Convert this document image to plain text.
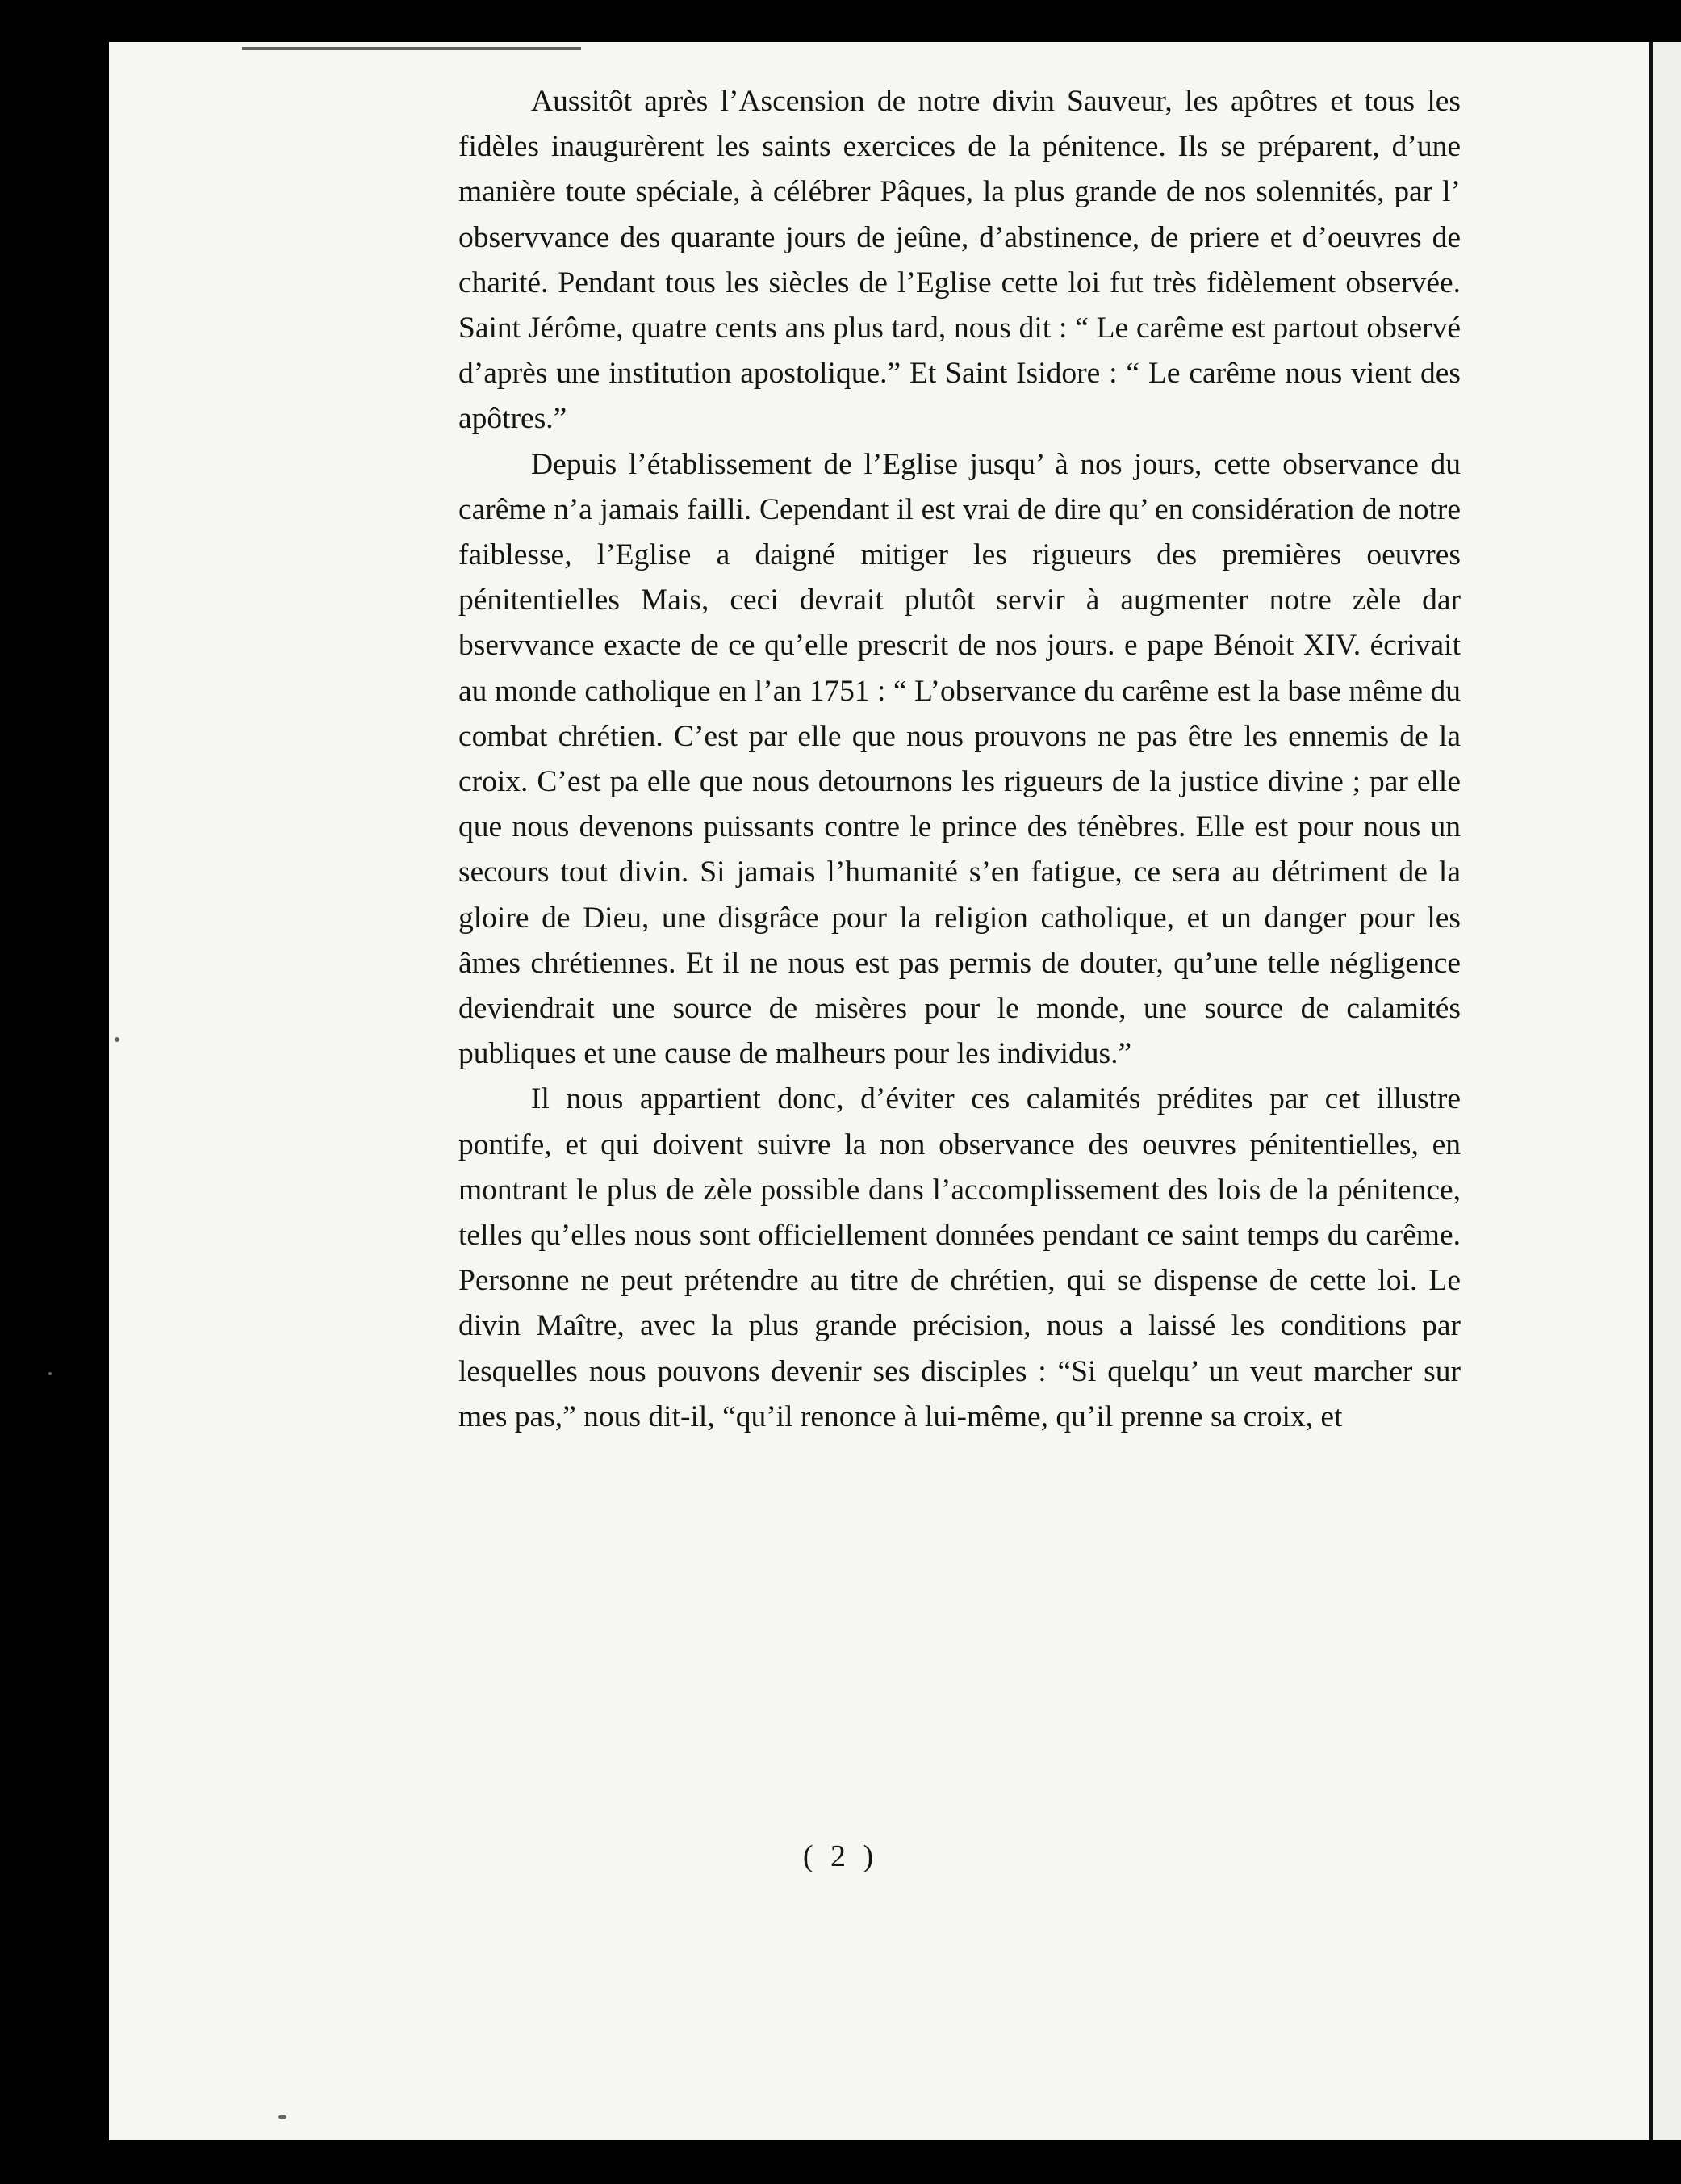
Aussitôt après l’Ascension de notre divin Sauveur, les apôtres et tous les fidèles inaugurèrent les saints exercices de la pénitence. Ils se préparent, d’une manière toute spéciale, à célébrer Pâques, la plus grande de nos solennités, par l’ observvance des quarante jours de jeûne, d’abstinence, de priere et d’oeuvres de charité. Pendant tous les siècles de l’Eglise cette loi fut très fidèlement observée. Saint Jérôme, quatre cents ans plus tard, nous dit : “ Le carême est partout observé d’après une institution apostolique.” Et Saint Isidore : “ Le carême nous vient des apôtres.”

Depuis l’établissement de l’Eglise jusqu’ à nos jours, cette observance du carême n’a jamais failli. Cependant il est vrai de dire qu’ en considération de notre faiblesse, l’Eglise a daigné mitiger les rigueurs des premières oeuvres pénitentielles Mais, ceci devrait plutôt servir à augmenter notre zèle dar bservvance exacte de ce qu’elle prescrit de nos jours. e pape Bénoit XIV. écrivait au monde catholique en l’an 1751 : “ L’observance du carême est la base même du combat chrétien. C’est par elle que nous prouvons ne pas être les ennemis de la croix. C’est pa elle que nous detournons les rigueurs de la justice divine ; par elle que nous devenons puissants contre le prince des ténèbres. Elle est pour nous un secours tout divin. Si jamais l’humanité s’en fatigue, ce sera au détriment de la gloire de Dieu, une disgrâce pour la religion catholique, et un danger pour les âmes chrétiennes. Et il ne nous est pas permis de douter, qu’une telle négligence deviendrait une source de misères pour le monde, une source de calamités publiques et une cause de malheurs pour les individus.”

Il nous appartient donc, d’éviter ces calamités prédites par cet illustre pontife, et qui doivent suivre la non observance des oeuvres pénitentielles, en montrant le plus de zèle possible dans l’accomplissement des lois de la pénitence, telles qu’elles nous sont officiellement données pendant ce saint temps du carême. Personne ne peut prétendre au titre de chrétien, qui se dispense de cette loi. Le divin Maître, avec la plus grande précision, nous a laissé les conditions par lesquelles nous pouvons devenir ses disciples : “Si quelqu’ un veut marcher sur mes pas,” nous dit-il, “qu’il renonce à lui-même, qu’il prenne sa croix, et

( 2 )
